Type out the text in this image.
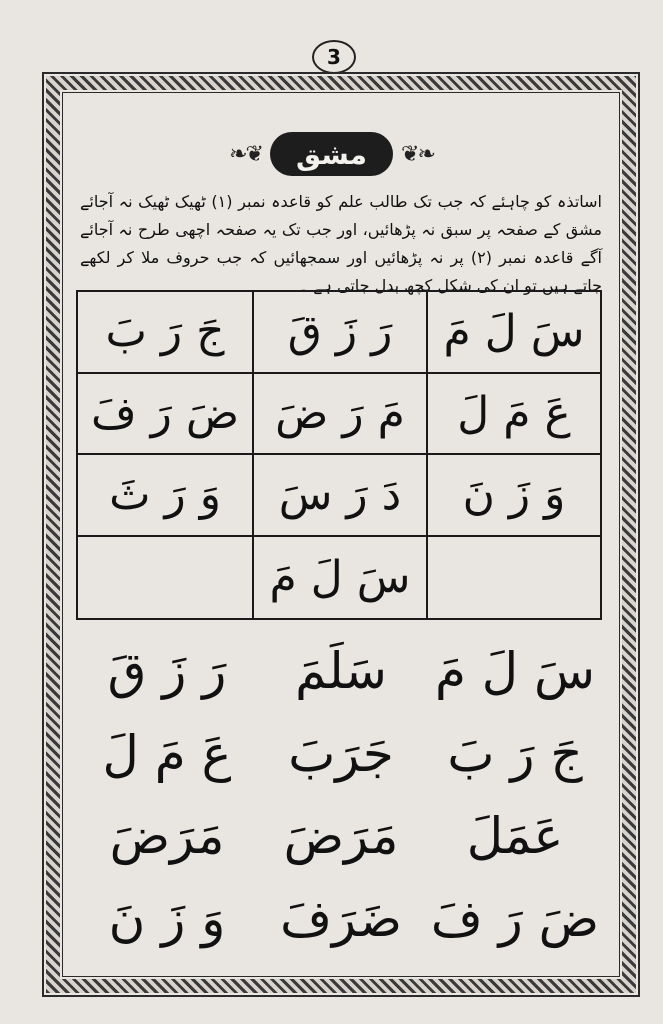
3
❧❦	مشق	❦❧
اساتذہ کو چاہئے کہ جب تک طالب علم کو قاعدہ نمبر (۱) ٹھیک ٹھیک نہ آجائے مشق کے صفحہ پر سبق نہ پڑھائیں، اور جب تک یہ صفحہ اچھی طرح نہ آجائے آگے قاعدہ نمبر (۲) پر نہ پڑھائیں اور سمجھائیں کہ جب حروف ملا کر لکھے جاتے ہیں تو ان کی شکل کچھ بدل جاتی ہے ۔
سَ لَ مَ
رَ زَ قَ
جَ رَ بَ
عَ مَ لَ
مَ رَ ضَ
ضَ رَ فَ
وَ زَ نَ
دَ رَ سَ
وَ رَ ثَ
سَ لَ مَ
سَ لَ مَ
سَلَمَ
رَ زَ قَ
جَ رَ بَ
جَرَبَ
عَ مَ لَ
عَمَلَ
مَرَضَ
مَرَضَ
ضَ رَ فَ
ضَرَفَ
وَ زَ نَ
